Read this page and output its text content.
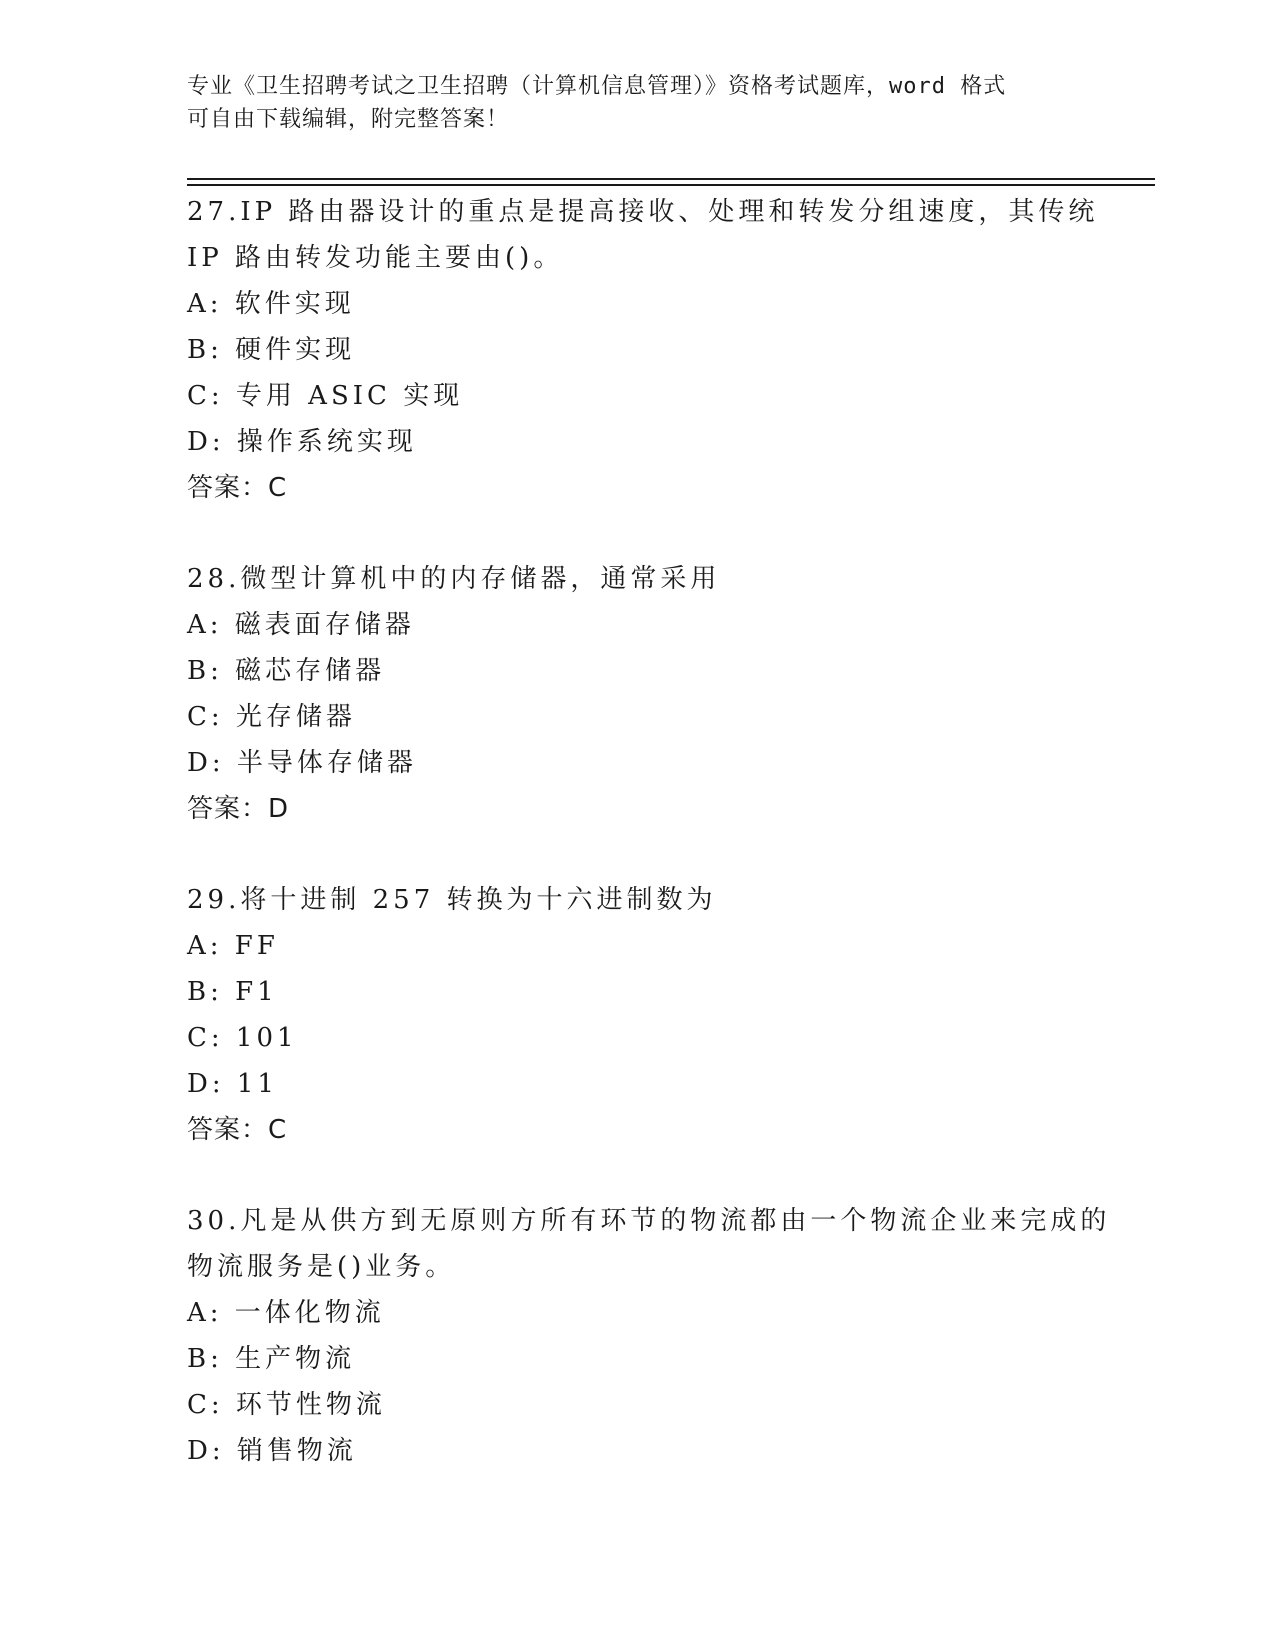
专业《卫生招聘考试之卫生招聘（计算机信息管理）》资格考试题库，word 格式
可自由下载编辑，附完整答案！
27.IP 路由器设计的重点是提高接收、处理和转发分组速度，其传统
IP 路由转发功能主要由()。
A: 软件实现
B: 硬件实现
C: 专用 ASIC 实现
D: 操作系统实现
答案：C
28.微型计算机中的内存储器，通常采用
A: 磁表面存储器
B: 磁芯存储器
C: 光存储器
D: 半导体存储器
答案：D
29.将十进制 257 转换为十六进制数为
A: FF
B: F1
C: 101
D: 11
答案：C
30.凡是从供方到无原则方所有环节的物流都由一个物流企业来完成的
物流服务是()业务。
A: 一体化物流
B: 生产物流
C: 环节性物流
D: 销售物流
